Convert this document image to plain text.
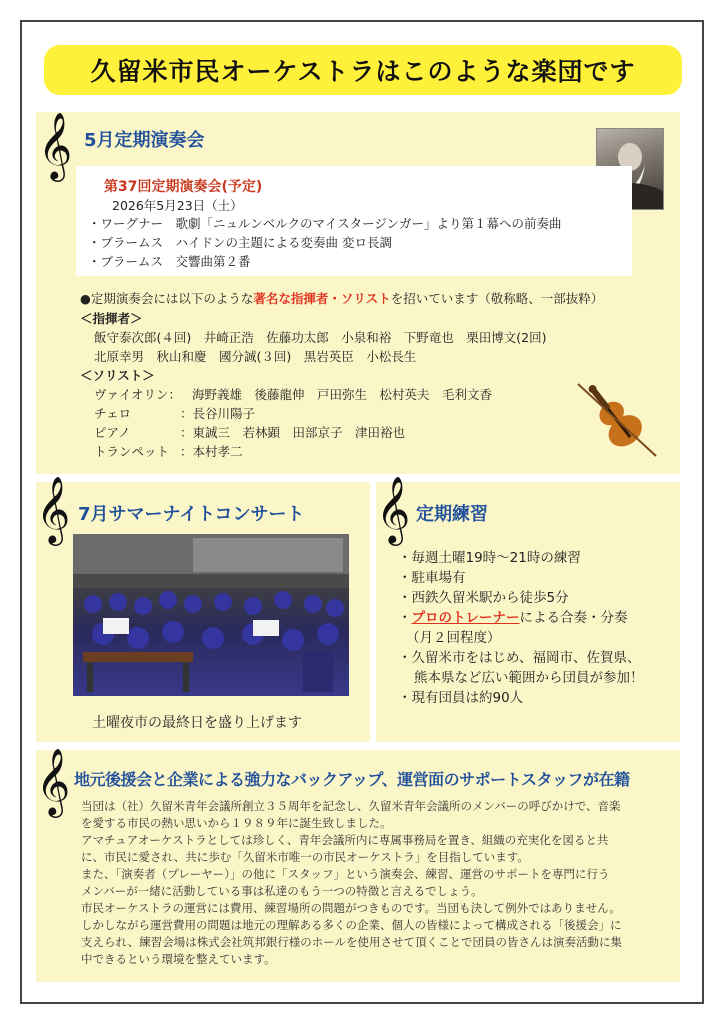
久留米市民オーケストラはこのような楽団です
𝄞 5月定期演奏会
第37回定期演奏会(予定)
2026年5月23日（土）
・ワーグナー　歌劇「ニュルンベルクのマイスタージンガー」より第１幕への前奏曲
・ブラームス　ハイドンの主題による変奏曲 変ロ長調
・ブラームス　交響曲第２番
●定期演奏会には以下のような著名な指揮者・ソリストを招いています（敬称略、一部抜粋）
＜指揮者＞
飯守泰次郎(４回)　井崎正浩　佐藤功太郎　小泉和裕　下野竜也　栗田博文(2回)
北原幸男　秋山和慶　國分誠(３回)　黒岩英臣　小松長生
＜ソリスト＞
ヴァイオリン： 海野義雄　後藤龍伸　戸田弥生　松村英夫　毛利文香
チェロ	：長谷川陽子
ピアノ	：東誠三　若林顕　田部京子　津田裕也
トランペット ：本村孝二
𝄞 7月サマーナイトコンサート
土曜夜市の最終日を盛り上げます
𝄞 定期練習
・毎週土曜19時～21時の練習
・駐車場有
・西鉄久留米駅から徒歩5分
・プロのトレーナーによる合奏・分奏
（月２回程度）
・久留米市をはじめ、福岡市、佐賀県、
熊本県など広い範囲から団員が参加！
・現有団員は約90人
𝄞 地元後援会と企業による強力なバックアップ、運営面のサポートスタッフが在籍
当団は（社）久留米青年会議所創立３５周年を記念し、久留米青年会議所のメンバーの呼びかけで、音楽
を愛する市民の熱い思いから１９８９年に誕生致しました。
アマチュアオーケストラとしては珍しく、青年会議所内に専属事務局を置き、組織の充実化を図ると共
に、市民に愛され、共に歩む「久留米市唯一の市民オーケストラ」を目指しています。
また、「演奏者（プレーヤー）」の他に「スタッフ」という演奏会、練習、運営のサポートを専門に行う
メンバーが一緒に活動している事は私達のもう一つの特徴と言えるでしょう。
市民オーケストラの運営には費用、練習場所の問題がつきものです。当団も決して例外ではありません。
しかしながら運営費用の問題は地元の理解ある多くの企業、個人の皆様によって構成される「後援会」に
支えられ、練習会場は株式会社筑邦銀行様のホールを使用させて頂くことで団員の皆さんは演奏活動に集
中できるという環境を整えています。
